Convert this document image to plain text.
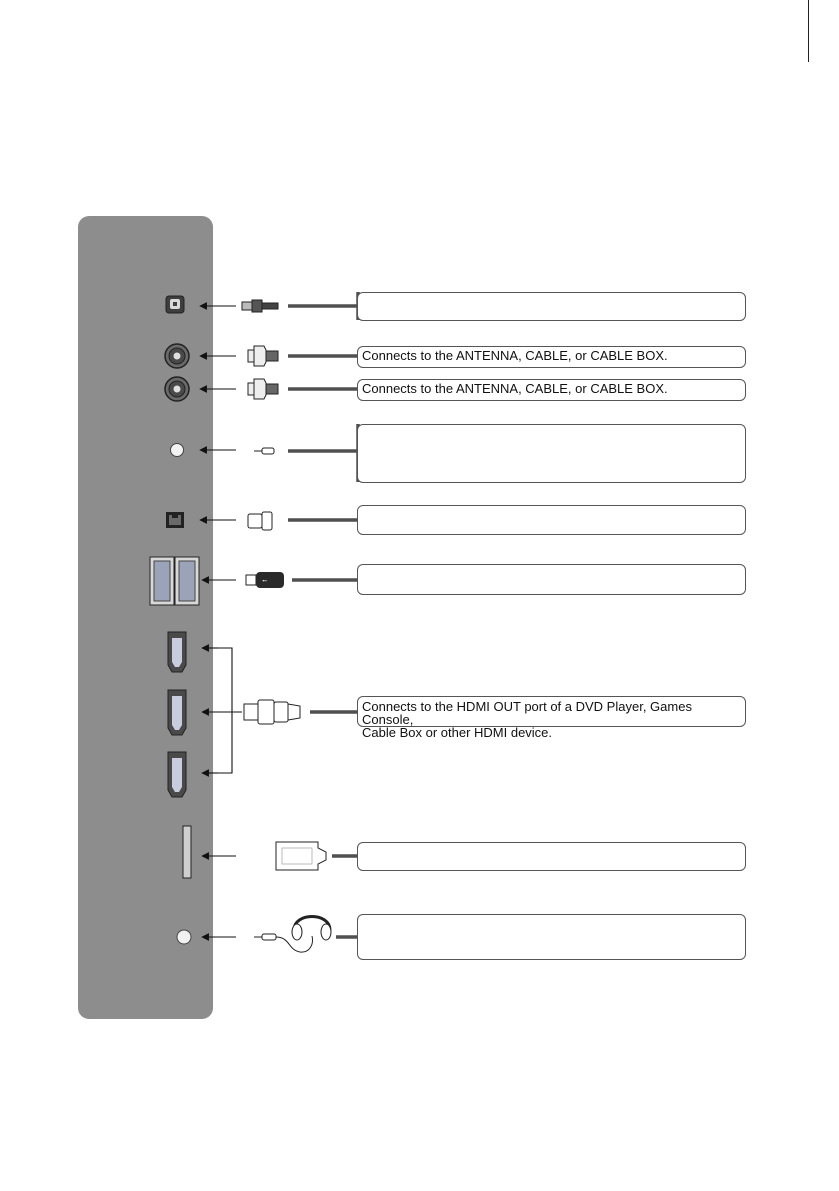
⭪
Connects to the ANTENNA, CABLE, or CABLE BOX.
Connects to the ANTENNA, CABLE, or CABLE BOX.
Connects to the HDMI OUT port of a DVD Player, Games Console,
Cable Box or other HDMI device.
